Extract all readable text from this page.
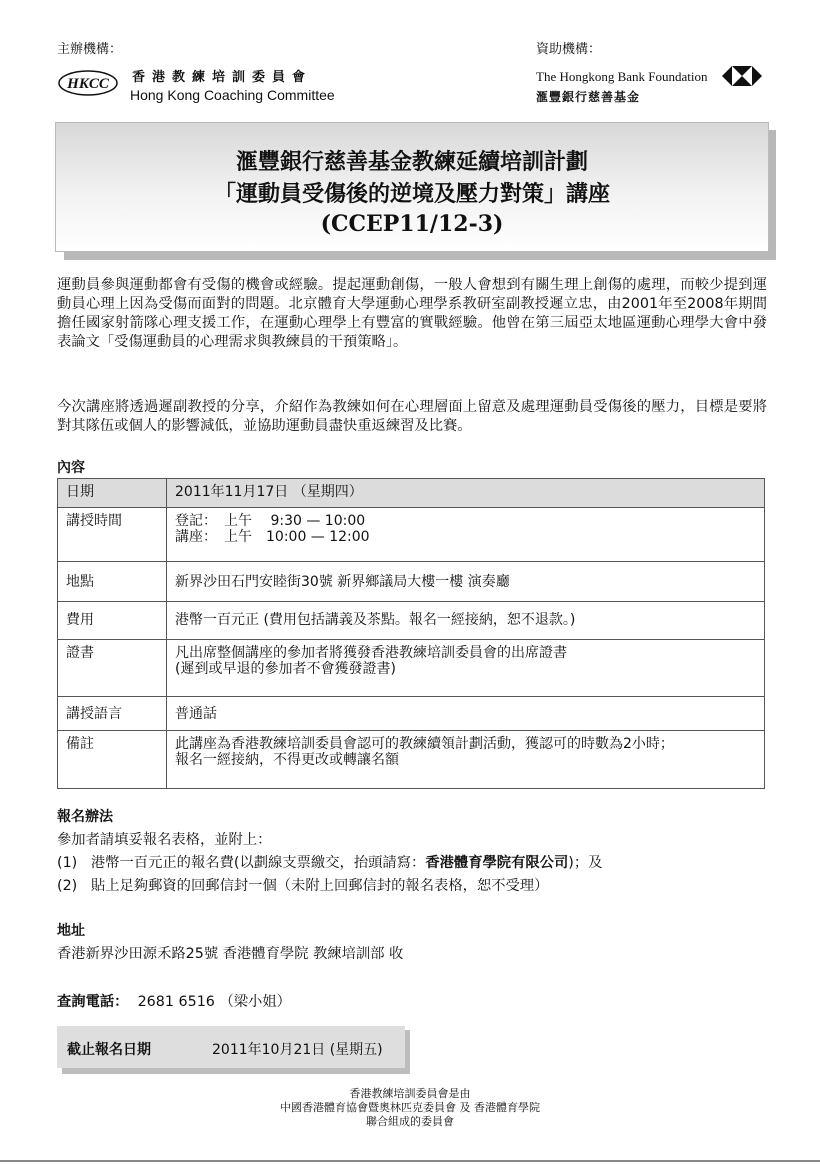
主辦機構：	資助機構：
HKCC 香港教練培訓委員會
Hong Kong Coaching Committee
The Hongkong Bank Foundation
滙豐銀行慈善基金
滙豐銀行慈善基金教練延續培訓計劃
「運動員受傷後的逆境及壓力對策」講座
(CCEP11/12-3)
運動員參與運動都會有受傷的機會或經驗。提起運動創傷，一般人會想到有關生理上創傷的處理，而較少提到運動員心理上因為受傷而面對的問題。北京體育大學運動心理學系教研室副教授遲立忠，由2001年至2008年期間擔任國家射箭隊心理支援工作，在運動心理學上有豐富的實戰經驗。他曾在第三屆亞太地區運動心理學大會中發表論文「受傷運動員的心理需求與教練員的干預策略」。
今次講座將透過遲副教授的分享，介紹作為教練如何在心理層面上留意及處理運動員受傷後的壓力，目標是要將對其隊伍或個人的影響減低，並協助運動員盡快重返練習及比賽。
內容
日期	2011年11月17日 （星期四）

講授時間	登記：　上午　 9:30 — 10:00
講座：　上午　10:00 — 12:00

地點	新界沙田石門安睦街30號 新界鄉議局大樓一樓 演奏廳

費用	港幣一百元正 (費用包括講義及茶點。報名一經接納，恕不退款。)

證書	凡出席整個講座的參加者將獲發香港教練培訓委員會的出席證書
(遲到或早退的參加者不會獲發證書)

講授語言	普通話

備註	此講座為香港教練培訓委員會認可的教練續領計劃活動，獲認可的時數為2小時；
報名一經接納，不得更改或轉讓名額
報名辦法
參加者請填妥報名表格，並附上：
(1) 港幣一百元正的報名費(以劃線支票繳交，抬頭請寫：香港體育學院有限公司)；及
(2) 貼上足夠郵資的回郵信封一個（未附上回郵信封的報名表格，恕不受理）
地址
香港新界沙田源禾路25號 香港體育學院 教練培訓部 收
查詢電話： 2681 6516 （梁小姐）
截止報名日期	2011年10月21日 (星期五)
香港教練培訓委員會是由
中國香港體育協會暨奧林匹克委員會 及 香港體育學院
聯合組成的委員會
